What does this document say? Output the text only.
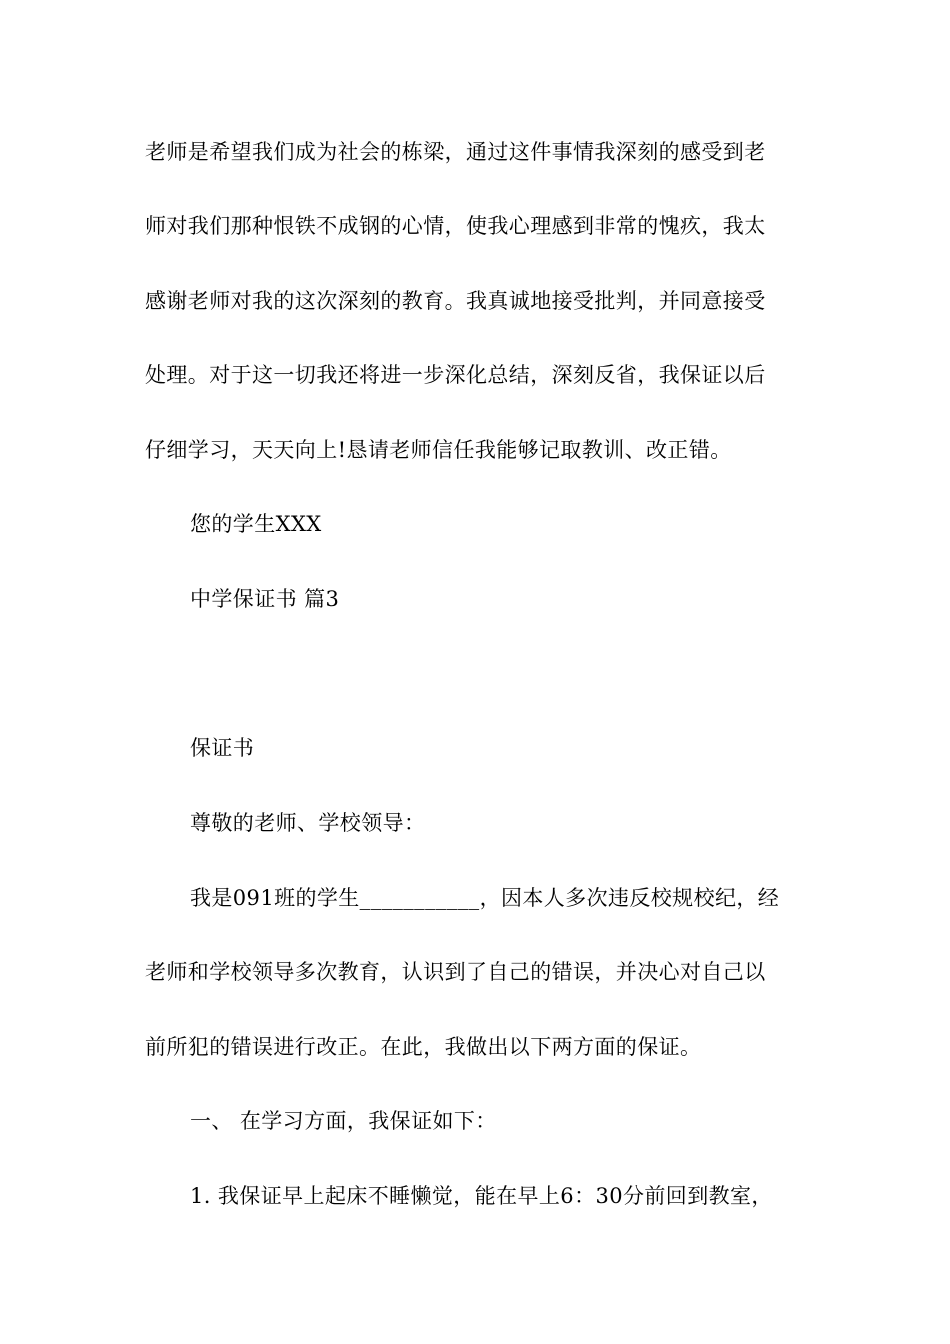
老师是希望我们成为社会的栋梁，通过这件事情我深刻的感受到老
师对我们那种恨铁不成钢的心情，使我心理感到非常的愧疚，我太
感谢老师对我的这次深刻的教育。我真诚地接受批判，并同意接受
处理。对于这一切我还将进一步深化总结，深刻反省，我保证以后
仔细学习，天天向上!恳请老师信任我能够记取教训、改正错。
您的学生XXX
中学保证书 篇3
保证书
尊敬的老师、学校领导：
我是091班的学生___________，因本人多次违反校规校纪，经
老师和学校领导多次教育，认识到了自己的错误，并决心对自己以
前所犯的错误进行改正。在此，我做出以下两方面的保证。
一、 在学习方面，我保证如下：
1. 我保证早上起床不睡懒觉，能在早上6：30分前回到教室，
